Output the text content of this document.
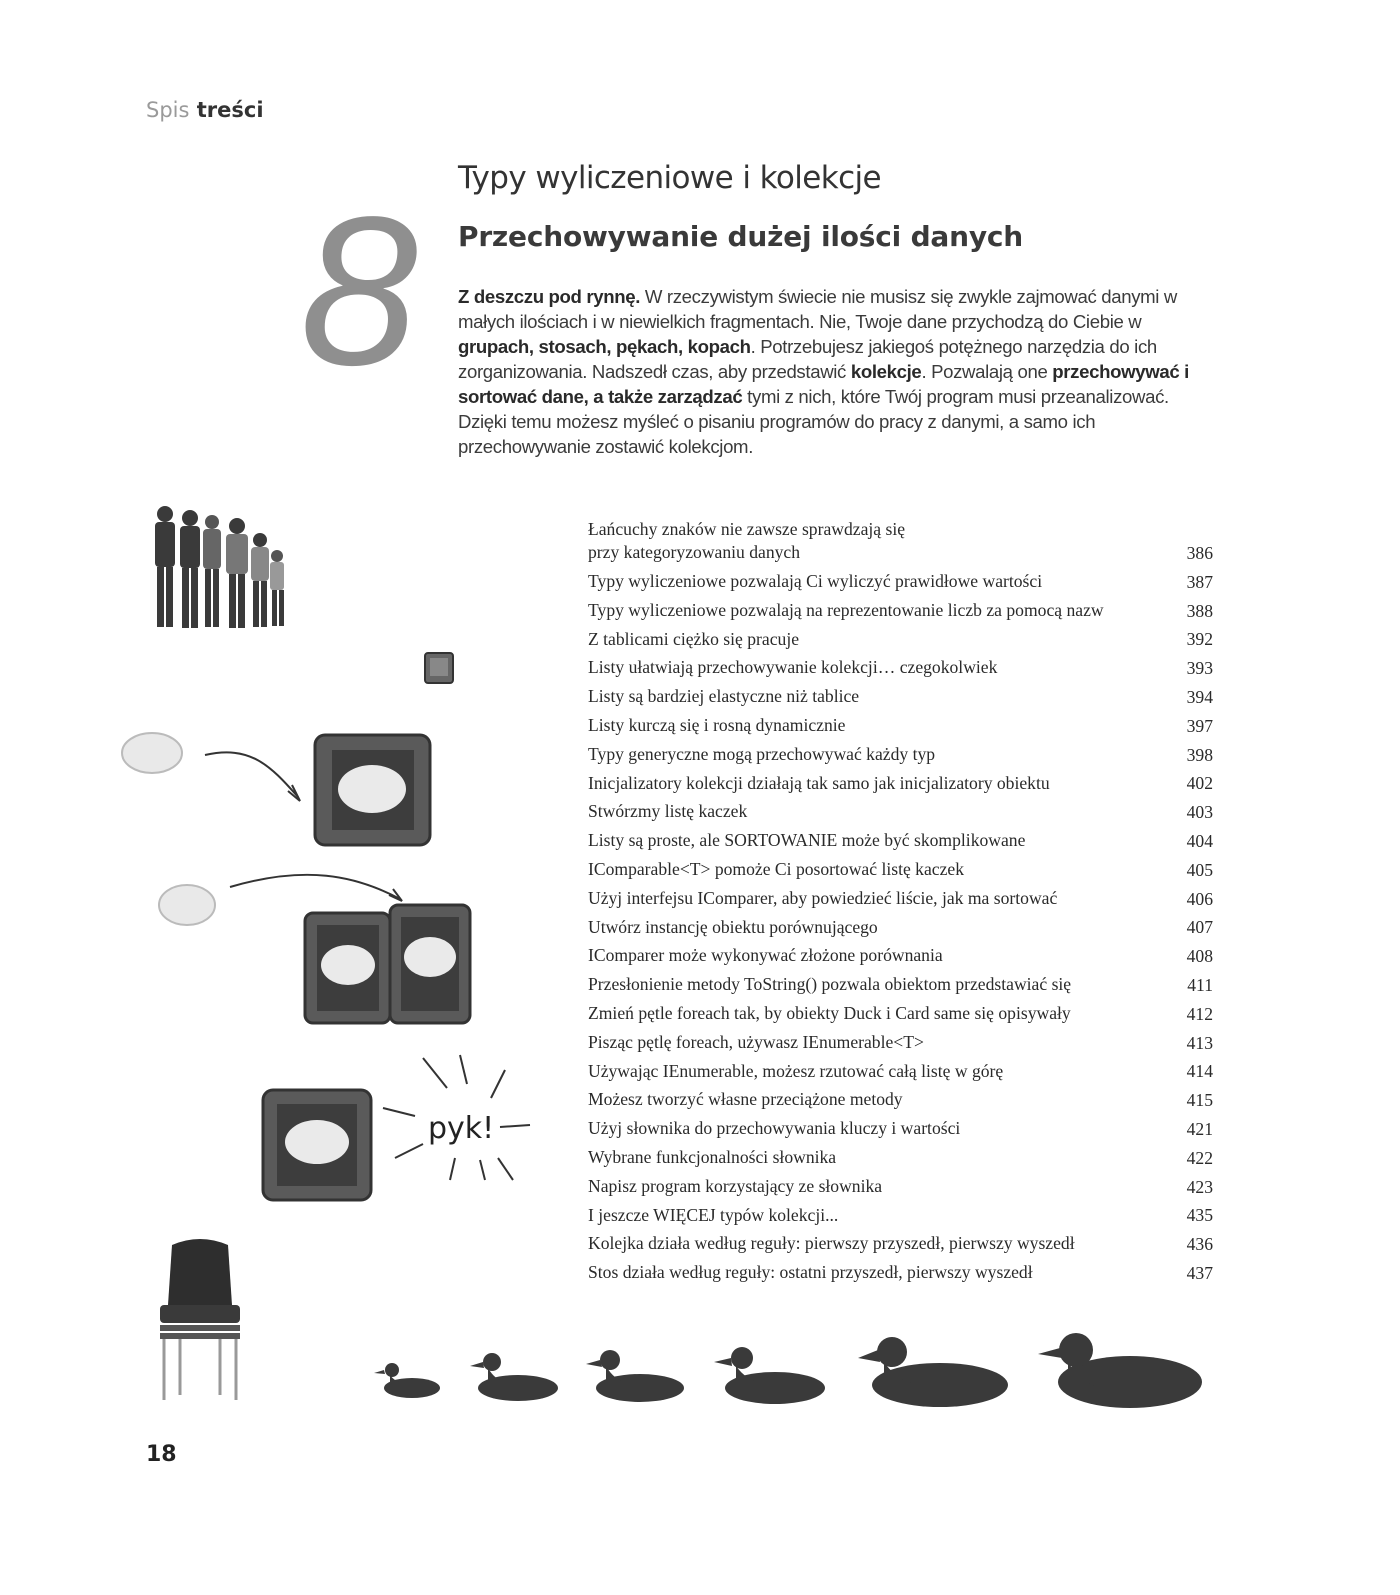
Spis treści
8 Typy wyliczeniowe i kolekcje
Przechowywanie dużej ilości danych

Z deszczu pod rynnę. W rzeczywistym świecie nie musisz się zwykle zajmować danymi w małych ilościach i w niewielkich fragmentach. Nie, Twoje dane przychodzą do Ciebie w grupach, stosach, pękach, kopach. Potrzebujesz jakiegoś potężnego narzędzia do ich zorganizowania. Nadszedł czas, aby przedstawić kolekcje. Pozwalają one przechowywać i sortować dane, a także zarządzać tymi z nich, które Twój program musi przeanalizować. Dzięki temu możesz myśleć o pisaniu programów do pracy z danymi, a samo ich przechowywanie zostawić kolekcjom.

Łańcuchy znaków nie zawsze sprawdzają się
przy kategoryzowaniu danych	386
Typy wyliczeniowe pozwalają Ci wyliczyć prawidłowe wartości	387
Typy wyliczeniowe pozwalają na reprezentowanie liczb za pomocą nazw	388
Z tablicami ciężko się pracuje	392
Listy ułatwiają przechowywanie kolekcji… czegokolwiek	393
Listy są bardziej elastyczne niż tablice	394
Listy kurczą się i rosną dynamicznie	397
Typy generyczne mogą przechowywać każdy typ	398
Inicjalizatory kolekcji działają tak samo jak inicjalizatory obiektu	402
Stwórzmy listę kaczek	403
Listy są proste, ale SORTOWANIE może być skomplikowane	404
IComparable<T> pomoże Ci posortować listę kaczek	405
Użyj interfejsu IComparer, aby powiedzieć liście, jak ma sortować	406
Utwórz instancję obiektu porównującego	407
IComparer może wykonywać złożone porównania	408
Przesłonienie metody ToString() pozwala obiektom przedstawiać się	411
Zmień pętle foreach tak, by obiekty Duck i Card same się opisywały	412
Pisząc pętlę foreach, używasz IEnumerable<T>	413
Używając IEnumerable, możesz rzutować całą listę w górę	414
Możesz tworzyć własne przeciążone metody	415
Użyj słownika do przechowywania kluczy i wartości	421
Wybrane funkcjonalności słownika	422
Napisz program korzystający ze słownika	423
I jeszcze WIĘCEJ typów kolekcji...	435
Kolejka działa według reguły: pierwszy przyszedł, pierwszy wyszedł	436
Stos działa według reguły: ostatni przyszedł, pierwszy wyszedł	437
pyk!
18
